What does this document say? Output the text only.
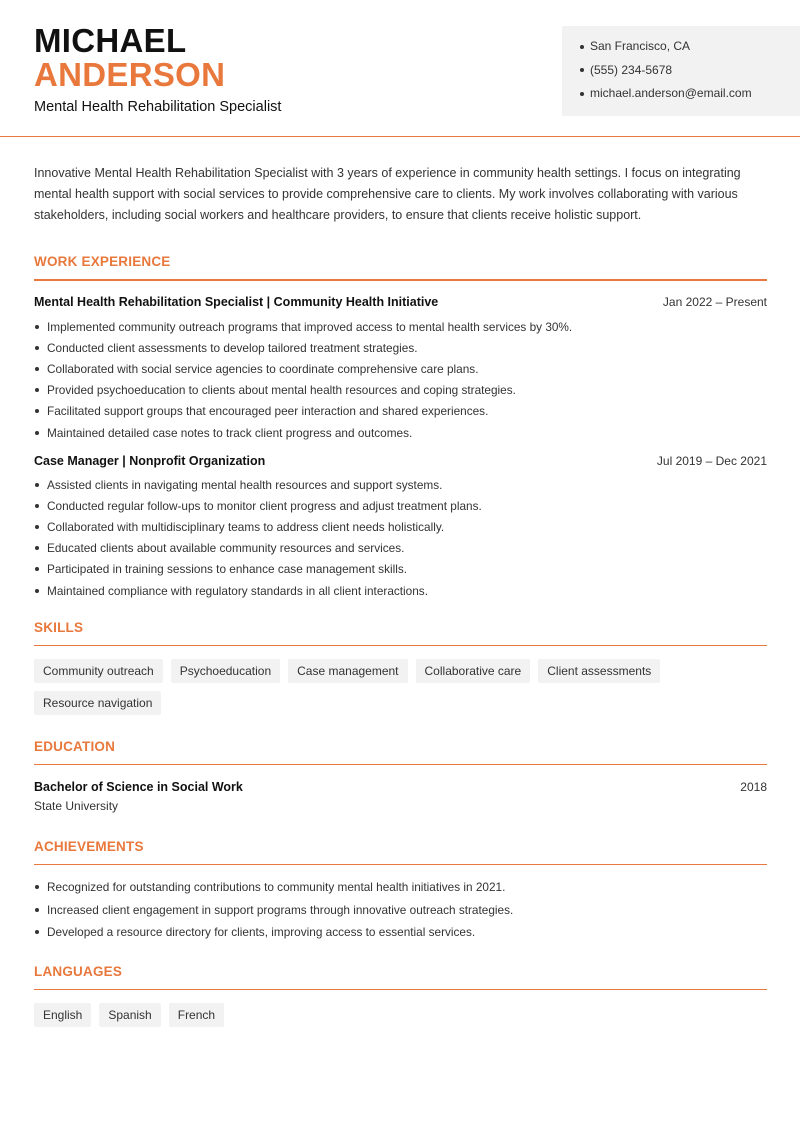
MICHAEL
ANDERSON
Mental Health Rehabilitation Specialist
San Francisco, CA
(555) 234-5678
michael.anderson@email.com

Innovative Mental Health Rehabilitation Specialist with 3 years of experience in community health settings. I focus on integrating mental health support with social services to provide comprehensive care to clients. My work involves collaborating with various stakeholders, including social workers and healthcare providers, to ensure that clients receive holistic support.

WORK EXPERIENCE
Mental Health Rehabilitation Specialist | Community Health Initiative	Jan 2022 – Present
Implemented community outreach programs that improved access to mental health services by 30%.
Conducted client assessments to develop tailored treatment strategies.
Collaborated with social service agencies to coordinate comprehensive care plans.
Provided psychoeducation to clients about mental health resources and coping strategies.
Facilitated support groups that encouraged peer interaction and shared experiences.
Maintained detailed case notes to track client progress and outcomes.
Case Manager | Nonprofit Organization	Jul 2019 – Dec 2021
Assisted clients in navigating mental health resources and support systems.
Conducted regular follow-ups to monitor client progress and adjust treatment plans.
Collaborated with multidisciplinary teams to address client needs holistically.
Educated clients about available community resources and services.
Participated in training sessions to enhance case management skills.
Maintained compliance with regulatory standards in all client interactions.
SKILLS
Community outreach	Psychoeducation	Case management	Collaborative care	Client assessments
Resource navigation
EDUCATION
Bachelor of Science in Social Work	2018
State University
ACHIEVEMENTS
Recognized for outstanding contributions to community mental health initiatives in 2021.
Increased client engagement in support programs through innovative outreach strategies.
Developed a resource directory for clients, improving access to essential services.
LANGUAGES
English	Spanish	French
